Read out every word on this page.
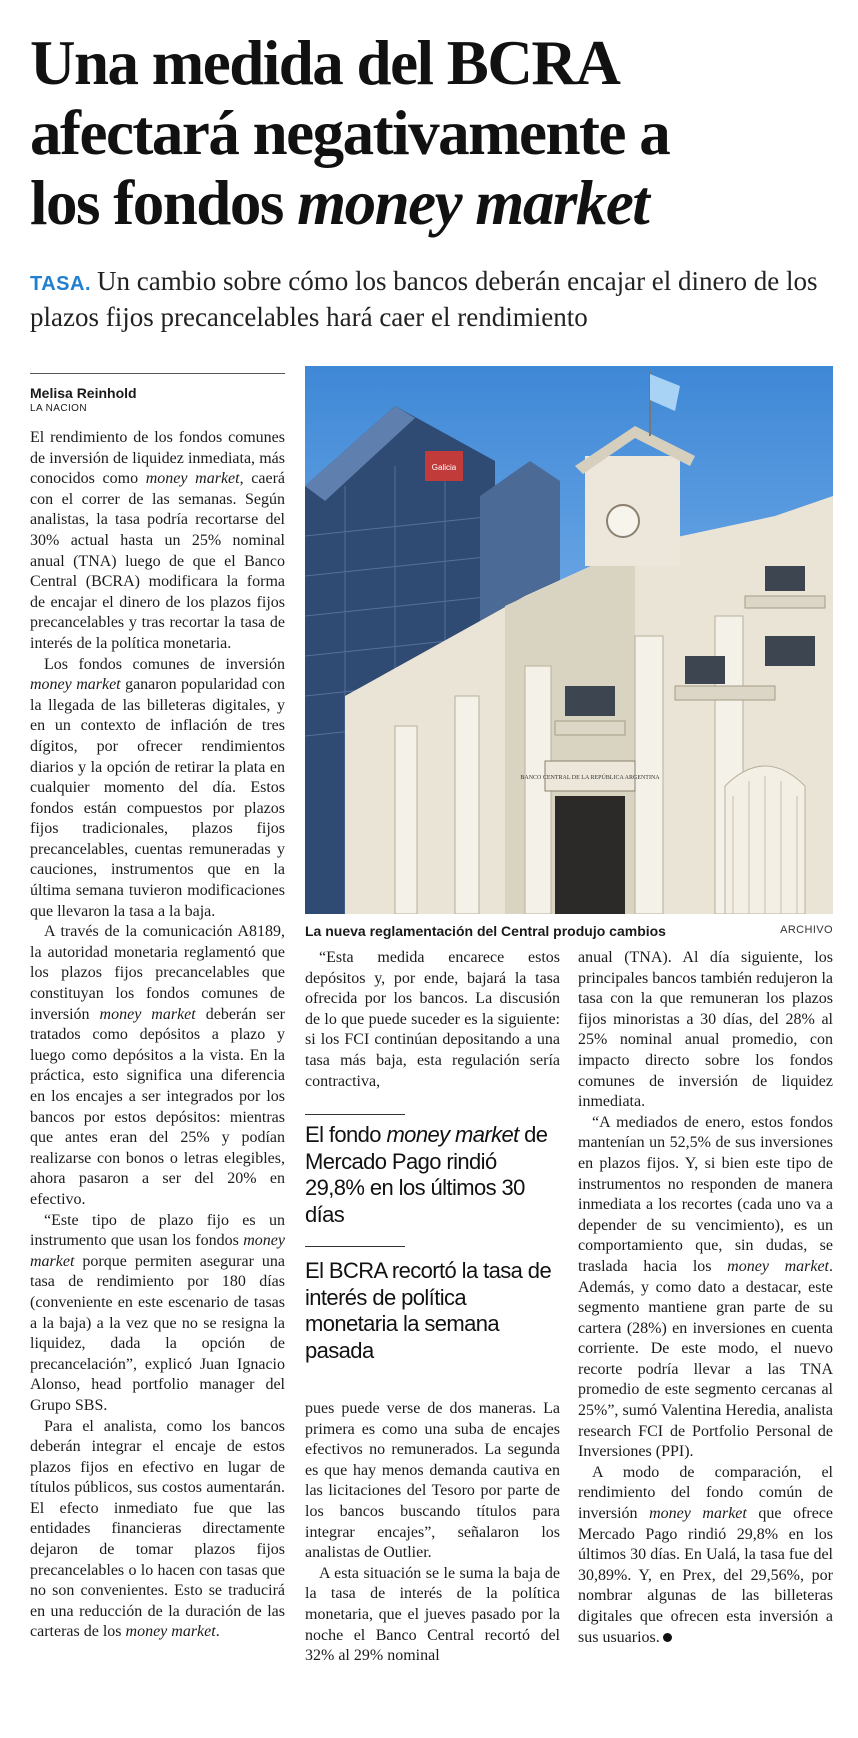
Una medida del BCRA
afectará negativamente a
los fondos money market
TASA. Un cambio sobre cómo los bancos deberán encajar el dinero de los plazos fijos precancelables hará caer el rendimiento
Melisa Reinhold
LA NACION

El rendimiento de los fondos comunes de inversión de liquidez inmediata, más conocidos como money market, caerá con el correr de las semanas. Según analistas, la tasa podría recortarse del 30% actual hasta un 25% nominal anual (TNA) luego de que el Banco Central (BCRA) modificara la forma de encajar el dinero de los plazos fijos precancelables y tras recortar la tasa de interés de la política monetaria.

Los fondos comunes de inversión money market ganaron popularidad con la llegada de las billeteras digitales, y en un contexto de inflación de tres dígitos, por ofrecer rendimientos diarios y la opción de retirar la plata en cualquier momento del día. Estos fondos están compuestos por plazos fijos tradicionales, plazos fijos precancelables, cuentas remuneradas y cauciones, instrumentos que en la última semana tuvieron modificaciones que llevaron la tasa a la baja.

A través de la comunicación A8189, la autoridad monetaria reglamentó que los plazos fijos precancelables que constituyan los fondos comunes de inversión money market deberán ser tratados como depósitos a plazo y luego como depósitos a la vista. En la práctica, esto significa una diferencia en los encajes a ser integrados por los bancos por estos depósitos: mientras que antes eran del 25% y podían realizarse con bonos o letras elegibles, ahora pasaron a ser del 20% en efectivo.

“Este tipo de plazo fijo es un instrumento que usan los fondos money market porque permiten asegurar una tasa de rendimiento por 180 días (conveniente en este escenario de tasas a la baja) a la vez que no se resigna la liquidez, dada la opción de precancelación”, explicó Juan Ignacio Alonso, head portfolio manager del Grupo SBS.

Para el analista, como los bancos deberán integrar el encaje de estos plazos fijos en efectivo en lugar de títulos públicos, sus costos aumentarán. El efecto inmediato fue que las entidades financieras directamente dejaron de tomar plazos fijos precancelables o lo hacen con tasas que no son convenientes. Esto se traducirá en una reducción de la duración de las carteras de los money market.

Galicia
BANCO CENTRAL DE LA REPÚBLICA ARGENTINA
La nueva reglamentación del Central produjo cambios	ARCHIVO

“Esta medida encarece estos depósitos y, por ende, bajará la tasa ofrecida por los bancos. La discusión de lo que puede suceder es la siguiente: si los FCI continúan depositando a una tasa más baja, esta regulación sería contractiva,

El fondo money market de Mercado Pago rindió 29,8% en los últimos 30 días
El BCRA recortó la tasa de interés de política monetaria la semana pasada

pues puede verse de dos maneras. La primera es como una suba de encajes efectivos no remunerados. La segunda es que hay menos demanda cautiva en las licitaciones del Tesoro por parte de los bancos buscando títulos para integrar encajes”, señalaron los analistas de Outlier.

A esta situación se le suma la baja de la tasa de interés de la política monetaria, que el jueves pasado por la noche el Banco Central recortó del 32% al 29% nominal

anual (TNA). Al día siguiente, los principales bancos también redujeron la tasa con la que remuneran los plazos fijos minoristas a 30 días, del 28% al 25% nominal anual promedio, con impacto directo sobre los fondos comunes de inversión de liquidez inmediata.

“A mediados de enero, estos fondos mantenían un 52,5% de sus inversiones en plazos fijos. Y, si bien este tipo de instrumentos no responden de manera inmediata a los recortes (cada uno va a depender de su vencimiento), es un comportamiento que, sin dudas, se traslada hacia los money market. Además, y como dato a destacar, este segmento mantiene gran parte de su cartera (28%) en inversiones en cuenta corriente. De este modo, el nuevo recorte podría llevar a las TNA promedio de este segmento cercanas al 25%”, sumó Valentina Heredia, analista research FCI de Portfolio Personal de Inversiones (PPI).

A modo de comparación, el rendimiento del fondo común de inversión money market que ofrece Mercado Pago rindió 29,8% en los últimos 30 días. En Ualá, la tasa fue del 30,89%. Y, en Prex, del 29,56%, por nombrar algunas de las billeteras digitales que ofrecen esta inversión a sus usuarios.
